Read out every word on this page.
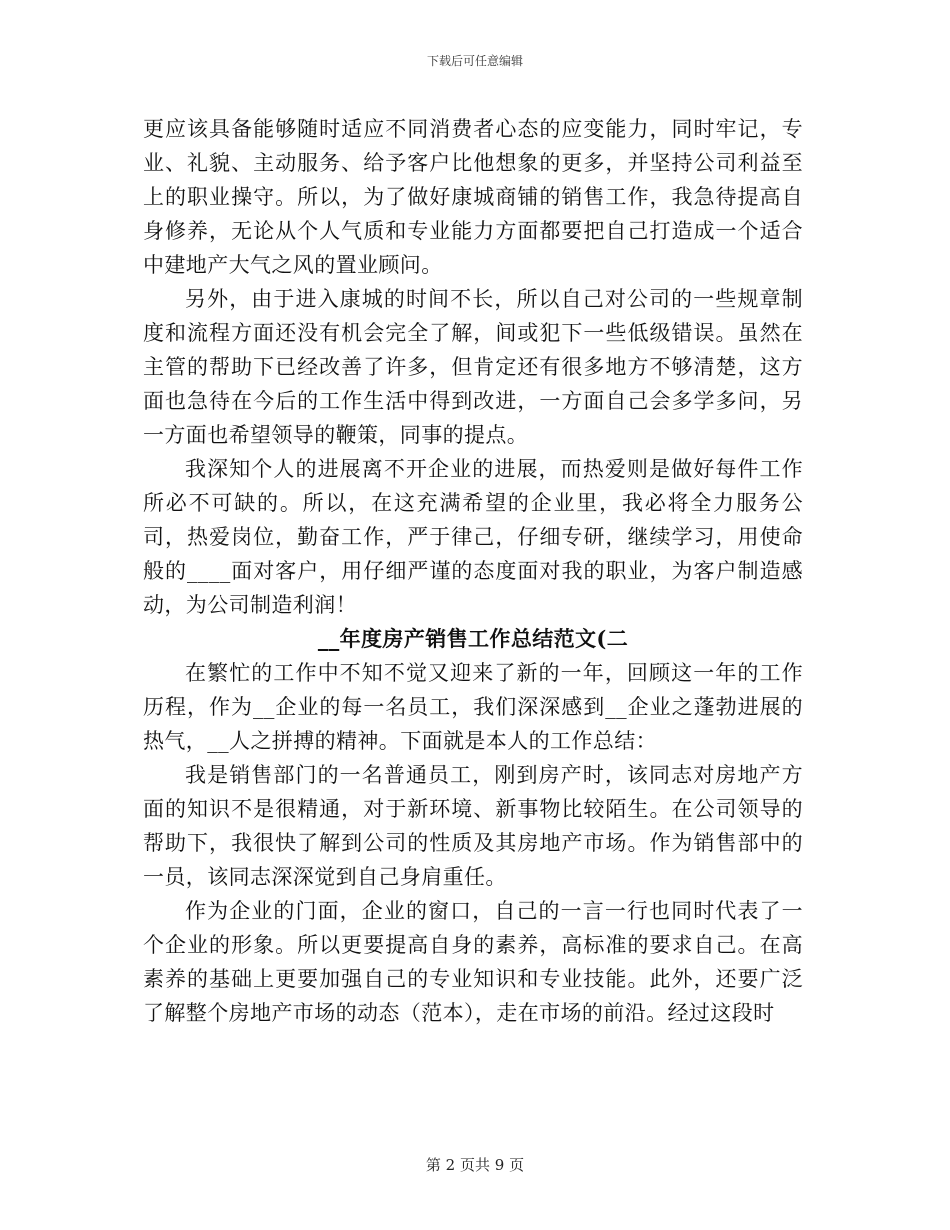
下载后可任意编辑

更应该具备能够随时适应不同消费者心态的应变能力，同时牢记，专业、礼貌、主动服务、给予客户比他想象的更多，并坚持公司利益至上的职业操守。所以，为了做好康城商铺的销售工作，我急待提高自身修养，无论从个人气质和专业能力方面都要把自己打造成一个适合中建地产大气之风的置业顾问。

另外，由于进入康城的时间不长，所以自己对公司的一些规章制度和流程方面还没有机会完全了解，间或犯下一些低级错误。虽然在主管的帮助下已经改善了许多，但肯定还有很多地方不够清楚，这方面也急待在今后的工作生活中得到改进，一方面自己会多学多问，另一方面也希望领导的鞭策，同事的提点。

我深知个人的进展离不开企业的进展，而热爱则是做好每件工作所必不可缺的。所以，在这充满希望的企业里，我必将全力服务公司，热爱岗位，勤奋工作，严于律己，仔细专研，继续学习，用使命般的____面对客户，用仔细严谨的态度面对我的职业，为客户制造感动，为公司制造利润！

__年度房产销售工作总结范文(二

在繁忙的工作中不知不觉又迎来了新的一年，回顾这一年的工作历程，作为__企业的每一名员工，我们深深感到__企业之蓬勃进展的热气，__人之拼搏的精神。下面就是本人的工作总结：

我是销售部门的一名普通员工，刚到房产时，该同志对房地产方面的知识不是很精通，对于新环境、新事物比较陌生。在公司领导的帮助下，我很快了解到公司的性质及其房地产市场。作为销售部中的一员，该同志深深觉到自己身肩重任。

作为企业的门面，企业的窗口，自己的一言一行也同时代表了一个企业的形象。所以更要提高自身的素养，高标准的要求自己。在高素养的基础上更要加强自己的专业知识和专业技能。此外，还要广泛了解整个房地产市场的动态（范本），走在市场的前沿。经过这段时

第 2 页共 9 页
